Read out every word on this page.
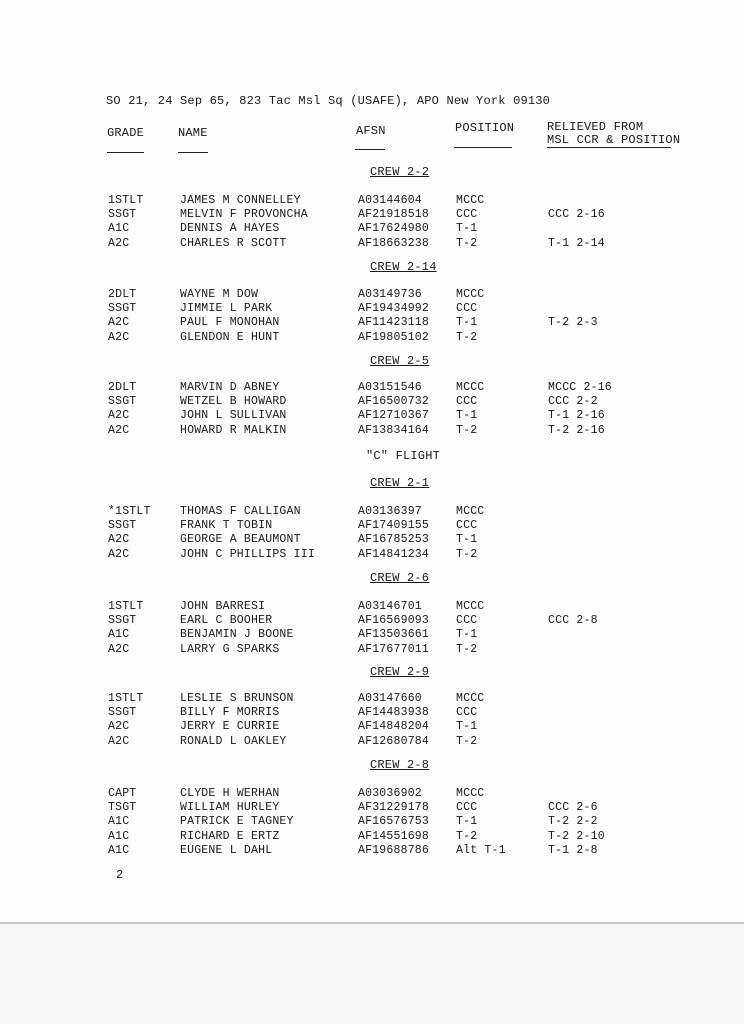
SO 21, 24 Sep 65, 823 Tac Msl Sq (USAFE), APO New York 09130
GRADE	NAME	AFSN	POSITION	RELIEVED FROM
MSL CCR & POSITION
"C" FLIGHT
CREW 2-2
1STLT	JAMES M CONNELLEY	A03144604	MCCC
SSGT	MELVIN F PROVONCHA	AF21918518 CCC	CCC 2-16
A1C	DENNIS A HAYES	AF17624980 T-1
A2C	CHARLES R SCOTT	AF18663238 T-2	T-1 2-14
CREW 2-14
2DLT	WAYNE M DOW	A03149736	MCCC
SSGT	JIMMIE L PARK	AF19434992 CCC
A2C	PAUL F MONOHAN	AF11423118 T-1	T-2 2-3
A2C	GLENDON E HUNT	AF19805102 T-2
CREW 2-5
2DLT	MARVIN D ABNEY	A03151546	MCCC	MCCC 2-16
SSGT	WETZEL B HOWARD	AF16500732 CCC	CCC 2-2
A2C	JOHN L SULLIVAN	AF12710367 T-1	T-1 2-16
A2C	HOWARD R MALKIN	AF13834164 T-2	T-2 2-16
CREW 2-1
*1STLT	THOMAS F CALLIGAN	A03136397	MCCC
SSGT	FRANK T TOBIN	AF17409155 CCC
A2C	GEORGE A BEAUMONT	AF16785253 T-1
A2C	JOHN C PHILLIPS III	AF14841234 T-2
CREW 2-6
1STLT	JOHN BARRESI	A03146701	MCCC
SSGT	EARL C BOOHER	AF16569093 CCC	CCC 2-8
A1C	BENJAMIN J BOONE	AF13503661 T-1
A2C	LARRY G SPARKS	AF17677011 T-2
CREW 2-9
1STLT	LESLIE S BRUNSON	A03147660	MCCC
SSGT	BILLY F MORRIS	AF14483938 CCC
A2C	JERRY E CURRIE	AF14848204 T-1
A2C	RONALD L OAKLEY	AF12680784 T-2
CREW 2-8
CAPT	CLYDE H WERHAN	A03036902	MCCC
TSGT	WILLIAM HURLEY	AF31229178 CCC	CCC 2-6
A1C	PATRICK E TAGNEY	AF16576753 T-1	T-2 2-2
A1C	RICHARD E ERTZ	AF14551698 T-2	T-2 2-10
A1C	EUGENE L DAHL	AF19688786 Alt T-1	T-1 2-8
2
